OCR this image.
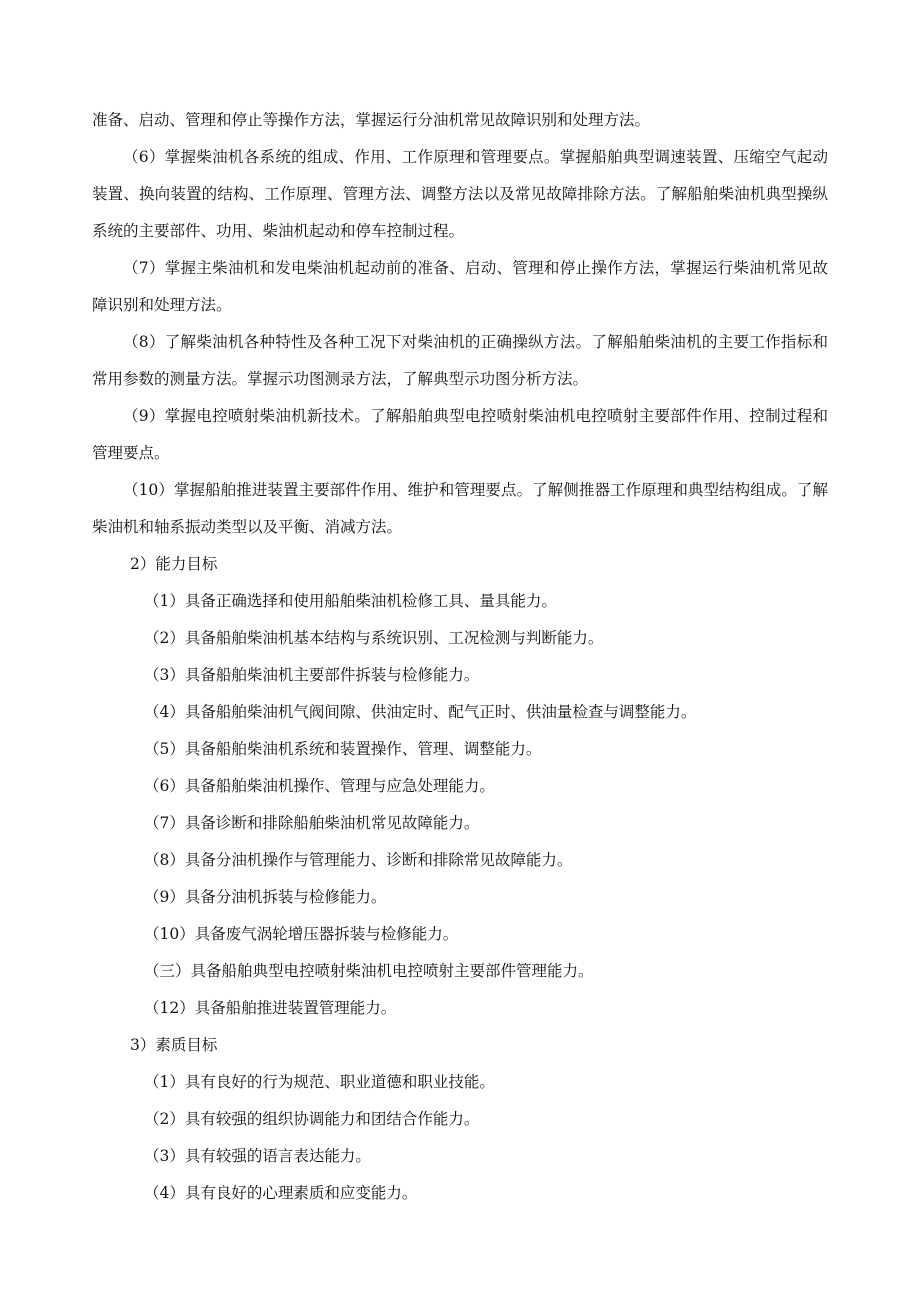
准备、启动、管理和停止等操作方法，掌握运行分油机常见故障识别和处理方法。

（6）掌握柴油机各系统的组成、作用、工作原理和管理要点。掌握船舶典型调速装置、压缩空气起动装置、换向装置的结构、工作原理、管理方法、调整方法以及常见故障排除方法。了解船舶柴油机典型操纵系统的主要部件、功用、柴油机起动和停车控制过程。

（7）掌握主柴油机和发电柴油机起动前的准备、启动、管理和停止操作方法，掌握运行柴油机常见故障识别和处理方法。

（8）了解柴油机各种特性及各种工况下对柴油机的正确操纵方法。了解船舶柴油机的主要工作指标和常用参数的测量方法。掌握示功图测录方法，了解典型示功图分析方法。

（9）掌握电控喷射柴油机新技术。了解船舶典型电控喷射柴油机电控喷射主要部件作用、控制过程和管理要点。

（10）掌握船舶推进装置主要部件作用、维护和管理要点。了解侧推器工作原理和典型结构组成。了解柴油机和轴系振动类型以及平衡、消减方法。

2）能力目标

（1）具备正确选择和使用船舶柴油机检修工具、量具能力。

（2）具备船舶柴油机基本结构与系统识别、工况检测与判断能力。

（3）具备船舶柴油机主要部件拆装与检修能力。

（4）具备船舶柴油机气阀间隙、供油定时、配气正时、供油量检查与调整能力。

（5）具备船舶柴油机系统和装置操作、管理、调整能力。

（6）具备船舶柴油机操作、管理与应急处理能力。

（7）具备诊断和排除船舶柴油机常见故障能力。

（8）具备分油机操作与管理能力、诊断和排除常见故障能力。

（9）具备分油机拆装与检修能力。

（10）具备废气涡轮增压器拆装与检修能力。

（三）具备船舶典型电控喷射柴油机电控喷射主要部件管理能力。

（12）具备船舶推进装置管理能力。

3）素质目标

（1）具有良好的行为规范、职业道德和职业技能。

（2）具有较强的组织协调能力和团结合作能力。

（3）具有较强的语言表达能力。

（4）具有良好的心理素质和应变能力。
